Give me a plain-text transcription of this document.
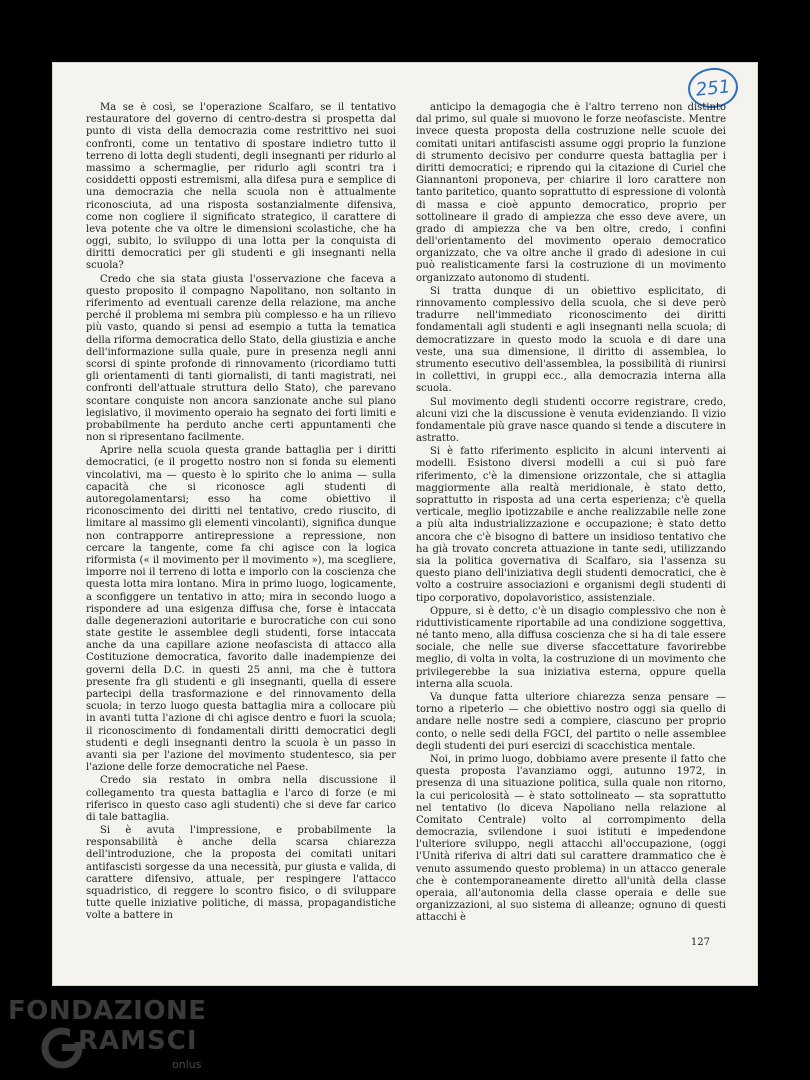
251

Ma se è così, se l'operazione Scalfaro, se il tentativo restauratore del governo di centro-destra si prospetta dal punto di vista della democrazia come restrittivo nei suoi confronti, come un tentativo di spostare indietro tutto il terreno di lotta degli studenti, degli insegnanti per ridurlo al massimo a schermaglie, per ridurlo agli scontri tra i cosiddetti opposti estremismi, alla difesa pura e semplice di una democrazia che nella scuola non è attualmente riconosciuta, ad una risposta sostanzialmente difensiva, come non cogliere il significato strategico, il carattere di leva potente che va oltre le dimensioni scolastiche, che ha oggi, subito, lo sviluppo di una lotta per la conquista di diritti democratici per gli studenti e gli insegnanti nella scuola?

Credo che sia stata giusta l'osservazione che faceva a questo proposito il compagno Napolitano, non soltanto in riferimento ad eventuali carenze della relazione, ma anche perché il problema mi sembra più complesso e ha un rilievo più vasto, quando si pensi ad esempio a tutta la tematica della riforma democratica dello Stato, della giustizia e anche dell'informazione sulla quale, pure in presenza negli anni scorsi di spinte profonde di rinnovamento (ricordiamo tutti gli orientamenti di tanti giornalisti, di tanti magistrati, nei confronti dell'attuale struttura dello Stato), che parevano scontare conquiste non ancora sanzionate anche sul piano legislativo, il movimento operaio ha segnato dei forti limiti e probabilmente ha perduto anche certi appuntamenti che non si ripresentano facilmente.

Aprire nella scuola questa grande battaglia per i diritti democratici, (e il progetto nostro non si fonda su elementi vincolativi, ma — questo è lo spirito che lo anima — sulla capacità che si riconosce agli studenti di autoregolamentarsi; esso ha come obiettivo il riconoscimento dei diritti nel tentativo, credo riuscito, di limitare al massimo gli elementi vincolanti), significa dunque non contrapporre antirepressione a repressione, non cercare la tangente, come fa chi agisce con la logica riformista (« il movimento per il movimento »), ma scegliere, imporre noi il terreno di lotta e imporlo con la coscienza che questa lotta mira lontano. Mira in primo luogo, logicamente, a sconfiggere un tentativo in atto; mira in secondo luogo a rispondere ad una esigenza diffusa che, forse è intaccata dalle degenerazioni autoritarie e burocratiche con cui sono state gestite le assemblee degli studenti, forse intaccata anche da una capillare azione neofascista di attacco alla Costituzione democratica, favorito dalle inadempienze dei governi della D.C. in questi 25 anni, ma che è tuttora presente fra gli studenti e gli insegnanti, quella di essere partecipi della trasformazione e del rinnovamento della scuola; in terzo luogo questa battaglia mira a collocare più in avanti tutta l'azione di chi agisce dentro e fuori la scuola; il riconoscimento di fondamentali diritti democratici degli studenti e degli insegnanti dentro la scuola è un passo in avanti sia per l'azione del movimento studentesco, sia per l'azione delle forze democratiche nel Paese.

Credo sia restato in ombra nella discussione il collegamento tra questa battaglia e l'arco di forze (e mi riferisco in questo caso agli studenti) che si deve far carico di tale battaglia.

Si è avuta l'impressione, e probabilmente la responsabilità è anche della scarsa chiarezza dell'introduzione, che la proposta dei comitati unitari antifascisti sorgesse da una necessità, pur giusta e valida, di carattere difensivo, attuale, per respingere l'attacco squadristico, di reggere lo scontro fisico, o di sviluppare tutte quelle iniziative politiche, di massa, propagandistiche volte a battere in

anticipo la demagogia che è l'altro terreno non distinto dal primo, sul quale si muovono le forze neofasciste. Mentre invece questa proposta della costruzione nelle scuole dei comitati unitari antifascisti assume oggi proprio la funzione di strumento decisivo per condurre questa battaglia per i diritti democratici; e riprendo qui la citazione di Curiel che Giannantoni proponeva, per chiarire il loro carattere non tanto paritetico, quanto soprattutto di espressione di volontà di massa e cioè appunto democratico, proprio per sottolineare il grado di ampiezza che esso deve avere, un grado di ampiezza che va ben oltre, credo, i confini dell'orientamento del movimento operaio democratico organizzato, che va oltre anche il grado di adesione in cui può realisticamente farsi la costruzione di un movimento organizzato autonomo di studenti.

Si tratta dunque di un obiettivo esplicitato, di rinnovamento complessivo della scuola, che si deve però tradurre nell'immediato riconoscimento dei diritti fondamentali agli studenti e agli insegnanti nella scuola; di democratizzare in questo modo la scuola e di dare una veste, una sua dimensione, il diritto di assemblea, lo strumento esecutivo dell'assemblea, la possibilità di riunirsi in collettivi, in gruppi ecc., alla democrazia interna alla scuola.

Sul movimento degli studenti occorre registrare, credo, alcuni vizi che la discussione è venuta evidenziando. Il vizio fondamentale più grave nasce quando si tende a discutere in astratto.

Si è fatto riferimento esplicito in alcuni interventi ai modelli. Esistono diversi modelli a cui si può fare riferimento, c'è la dimensione orizzontale, che si attaglia maggiormente alla realtà meridionale, è stato detto, soprattutto in risposta ad una certa esperienza; c'è quella verticale, meglio ipotizzabile e anche realizzabile nelle zone a più alta industrializzazione e occupazione; è stato detto ancora che c'è bisogno di battere un insidioso tentativo che ha già trovato concreta attuazione in tante sedi, utilizzando sia la politica governativa di Scalfaro, sia l'assenza su questo piano dell'iniziativa degli studenti democratici, che è volto a costruire associazioni e organismi degli studenti di tipo corporativo, dopolavoristico, assistenziale.

Oppure, si è detto, c'è un disagio complessivo che non è riduttivisticamente riportabile ad una condizione soggettiva, né tanto meno, alla diffusa coscienza che si ha di tale essere sociale, che nelle sue diverse sfaccettature favorirebbe meglio, di volta in volta, la costruzione di un movimento che privilegerebbe la sua iniziativa esterna, oppure quella interna alla scuola.

Va dunque fatta ulteriore chiarezza senza pensare — torno a ripeterlo — che obiettivo nostro oggi sia quello di andare nelle nostre sedi a compiere, ciascuno per proprio conto, o nelle sedi della FGCI, del partito o nelle assemblee degli studenti dei puri esercizi di scacchistica mentale.

Noi, in primo luogo, dobbiamo avere presente il fatto che questa proposta l'avanziamo oggi, autunno 1972, in presenza di una situazione politica, sulla quale non ritorno, la cui pericolosità — è stato sottolineato — sta soprattutto nel tentativo (lo diceva Napoliano nella relazione al Comitato Centrale) volto al corrompimento della democrazia, svilendone i suoi istituti e impedendone l'ulteriore sviluppo, negli attacchi all'occupazione, (oggi l'Unità riferiva di altri dati sul carattere drammatico che è venuto assumendo questo problema) in un attacco generale che è contemporaneamente diretto all'unità della classe operaia, all'autonomia della classe operaia e delle sue organizzazioni, al suo sistema di alleanze; ognuno di questi attacchi è

127
FONDAZIONE
RAMSCI
onlus
